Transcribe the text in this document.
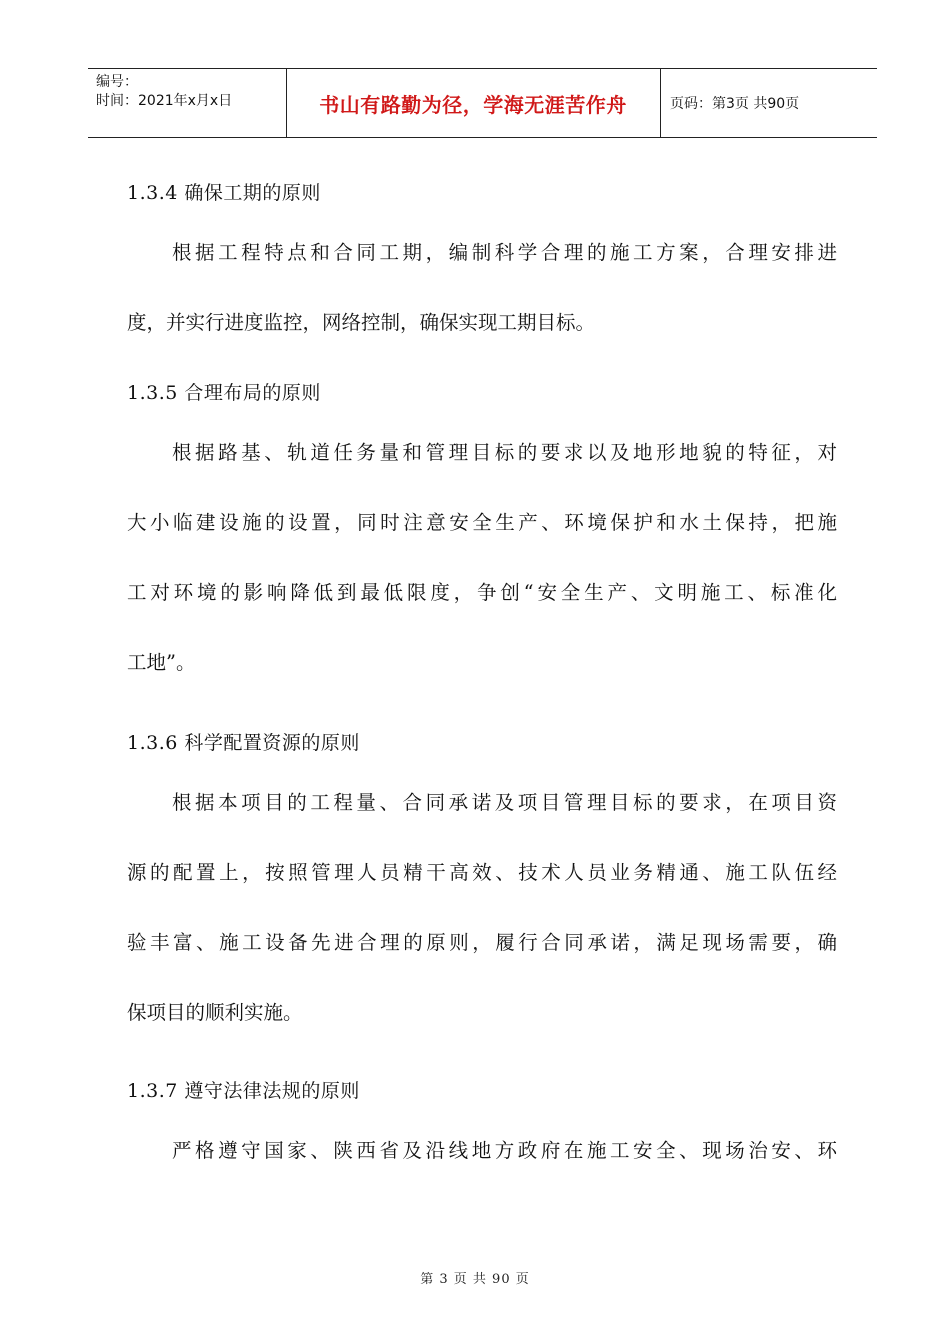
编号：
时间：2021年x月x日	书山有路勤为径，学海无涯苦作舟	页码：第3页 共90页
1.3.4 确保工期的原则
根据工程特点和合同工期，编制科学合理的施工方案，合理安排进
度，并实行进度监控，网络控制，确保实现工期目标。
1.3.5 合理布局的原则
根据路基、轨道任务量和管理目标的要求以及地形地貌的特征，对
大小临建设施的设置，同时注意安全生产、环境保护和水土保持，把施
工对环境的影响降低到最低限度，争创“安全生产、文明施工、标准化
工地”。
1.3.6 科学配置资源的原则
根据本项目的工程量、合同承诺及项目管理目标的要求，在项目资
源的配置上，按照管理人员精干高效、技术人员业务精通、施工队伍经
验丰富、施工设备先进合理的原则，履行合同承诺，满足现场需要，确
保项目的顺利实施。
1.3.7 遵守法律法规的原则
严格遵守国家、陕西省及沿线地方政府在施工安全、现场治安、环
第 3 页 共 90 页
